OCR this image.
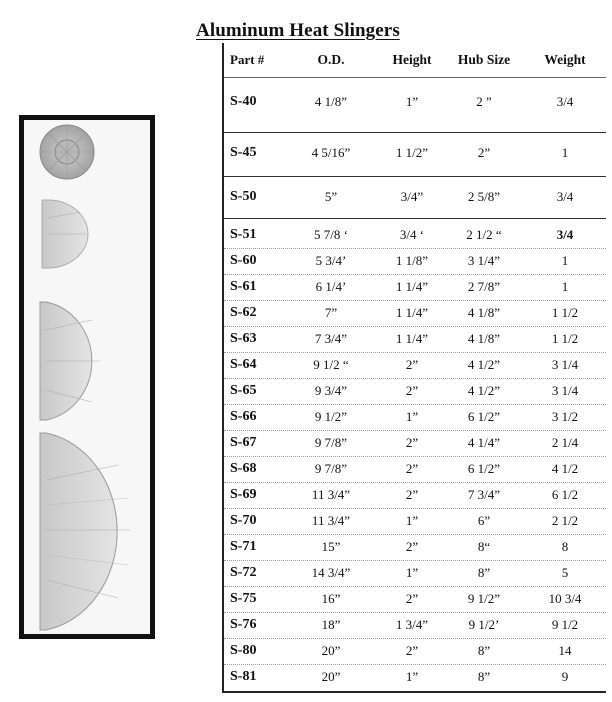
Aluminum Heat Slingers
Part #	O.D.	Height	Hub Size	Weight
S-40	4 1/8”	1”	2 ”	3/4
S-45	4 5/16”	1 1/2”	2”	1
S-50	5”	3/4”	2 5/8”	3/4
S-51	5 7/8 ‘	3/4 ‘	2 1/2 “	3/4
S-60	5 3/4’	1 1/8”	3 1/4”	1
S-61	6 1/4’	1 1/4”	2 7/8”	1
S-62	7”	1 1/4”	4 1/8”	1 1/2
S-63	7 3/4”	1 1/4”	4 1/8”	1 1/2
S-64	9 1/2 “	2”	4 1/2”	3 1/4
S-65	9 3/4”	2”	4 1/2”	3 1/4
S-66	9 1/2”	1”	6 1/2”	3 1/2
S-67	9 7/8”	2”	4 1/4”	2 1/4
S-68	9 7/8”	2”	6 1/2”	4 1/2
S-69	11 3/4”	2”	7 3/4”	6 1/2
S-70	11 3/4”	1”	6”	2 1/2
S-71	15”	2”	8“	8
S-72	14 3/4”	1”	8”	5
S-75	16”	2”	9 1/2”	10 3/4
S-76	18”	1 3/4”	9 1/2’	9 1/2
S-80	20”	2”	8”	14
S-81	20”	1”	8”	9
